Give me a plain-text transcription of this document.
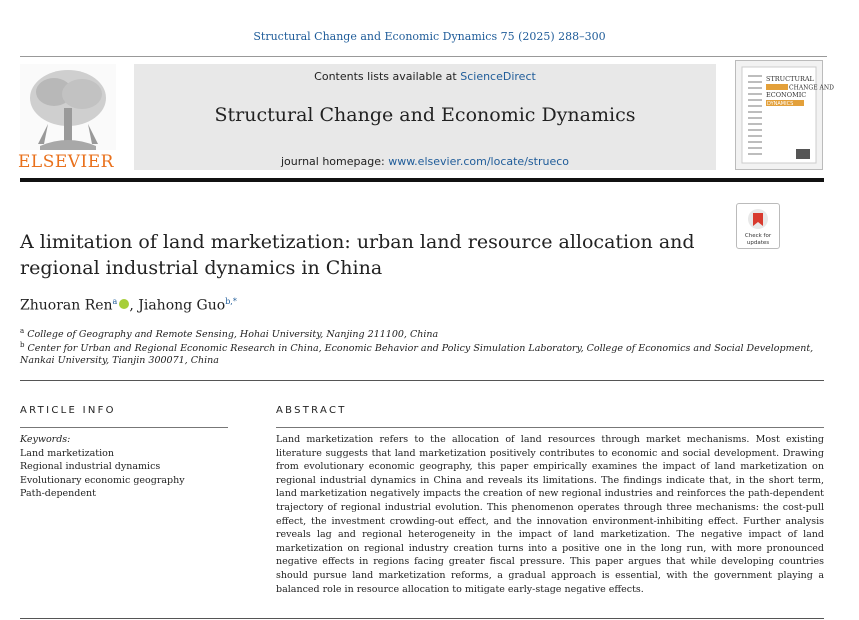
Structural Change and Economic Dynamics 75 (2025) 288–300
ELSEVIER
Contents lists available at ScienceDirect
Structural Change and Economic Dynamics
journal homepage: www.elsevier.com/locate/strueco
STRUCTURAL
CHANGE AND
ECONOMIC
DYNAMICS
A limitation of land marketization: urban land resource allocation and
regional industrial dynamics in China
Check for
updates
Zhuoran Ren$^a$ , Jiahong Guo$^{b,*}$
$^a$ College of Geography and Remote Sensing, Hohai University, Nanjing 211100, China
$^b$ Center for Urban and Regional Economic Research in China, Economic Behavior and Policy Simulation Laboratory, College of Economics and Social Development,
Nankai University, Tianjin 300071, China
ARTICLE INFO	ABSTRACT
Keywords:
Land marketization
Regional industrial dynamics
Evolutionary economic geography
Path-dependent
Land marketization refers to the allocation of land resources through market mechanisms. Most existing literature suggests that land marketization positively contributes to economic and social development. Drawing from evolutionary economic geography, this paper empirically examines the impact of land marketization on regional industrial dynamics in China and reveals its limitations. The findings indicate that, in the short term, land marketization negatively impacts the creation of new regional industries and reinforces the path-dependent trajectory of regional industrial evolution. This phenomenon operates through three mechanisms: the cost-pull effect, the investment crowding-out effect, and the innovation environment-inhibiting effect. Further analysis reveals lag and regional heterogeneity in the impact of land marketization. The negative impact of land marketization on regional industry creation turns into a positive one in the long run, with more pronounced negative effects in regions facing greater fiscal pressure. This paper argues that while developing countries should pursue land marketization reforms, a gradual approach is essential, with the government playing a balanced role in resource allocation to mitigate early-stage negative effects.
